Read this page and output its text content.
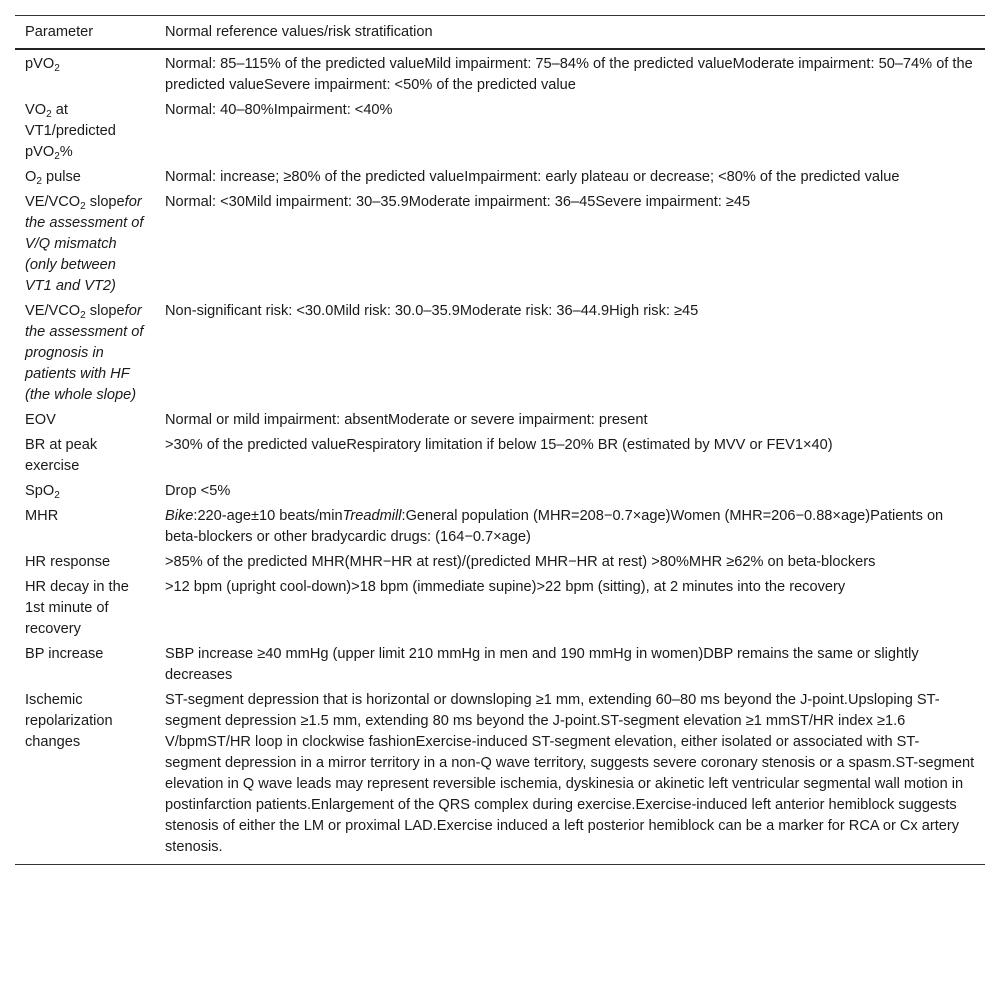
Parameter	Normal reference values/risk stratification
pVO$_2$	Normal: 85–115% of the predicted valueMild impairment: 75–84% of the predicted valueModerate impairment: 50–74% of the predicted valueSevere impairment: <50% of the predicted value
$VO_2$ at VT1/predicted pVO$_2$%	Normal: 40–80%Impairment: <40%
$O_2$ pulse	Normal: increase; ≥80% of the predicted valueImpairment: early plateau or decrease; <80% of the predicted value
$VE/VCO_2$ slopefor the assessment of V/Q mismatch (only between VT1 and VT2)	Normal: <30Mild impairment: 30–35.9Moderate impairment: 36–45Severe impairment: ≥45
$VE/VCO_2$ slopefor the assessment of prognosis in patients with HF (the whole slope)	Non-significant risk: <30.0Mild risk: 30.0–35.9Moderate risk: 36–44.9High risk: ≥45
EOV	Normal or mild impairment: absentModerate or severe impairment: present
BR at peak exercise	>30% of the predicted valueRespiratory limitation if below 15–20% BR (estimated by MVV or FEV1×40)
SpO$_2$	Drop <5%
MHR	Bike:220-age±10 beats/minTreadmill:General population (MHR=208−0.7×age)Women (MHR=206−0.88×age)Patients on beta-blockers or other bradycardic drugs: (164−0.7×age)
HR response	>85% of the predicted MHR(MHR−HR at rest)/(predicted MHR−HR at rest) >80%MHR ≥62% on beta-blockers
HR decay in the 1st minute of recovery	>12 bpm (upright cool-down)>18 bpm (immediate supine)>22 bpm (sitting), at 2 minutes into the recovery
BP increase	SBP increase ≥40 mmHg (upper limit 210 mmHg in men and 190 mmHg in women)DBP remains the same or slightly decreases
Ischemic repolarization changes	ST-segment depression that is horizontal or downsloping ≥1 mm, extending 60–80 ms beyond the J-point.Upsloping ST-segment depression ≥1.5 mm, extending 80 ms beyond the J-point.ST-segment elevation ≥1 mmST/HR index ≥1.6 V/bpmST/HR loop in clockwise fashionExercise-induced ST-segment elevation, either isolated or associated with ST-segment depression in a mirror territory in a non-Q wave territory, suggests severe coronary stenosis or a spasm.ST-segment elevation in Q wave leads may represent reversible ischemia, dyskinesia or akinetic left ventricular segmental wall motion in postinfarction patients.Enlargement of the QRS complex during exercise.Exercise-induced left anterior hemiblock suggests stenosis of either the LM or proximal LAD.Exercise induced a left posterior hemiblock can be a marker for RCA or Cx artery stenosis.
